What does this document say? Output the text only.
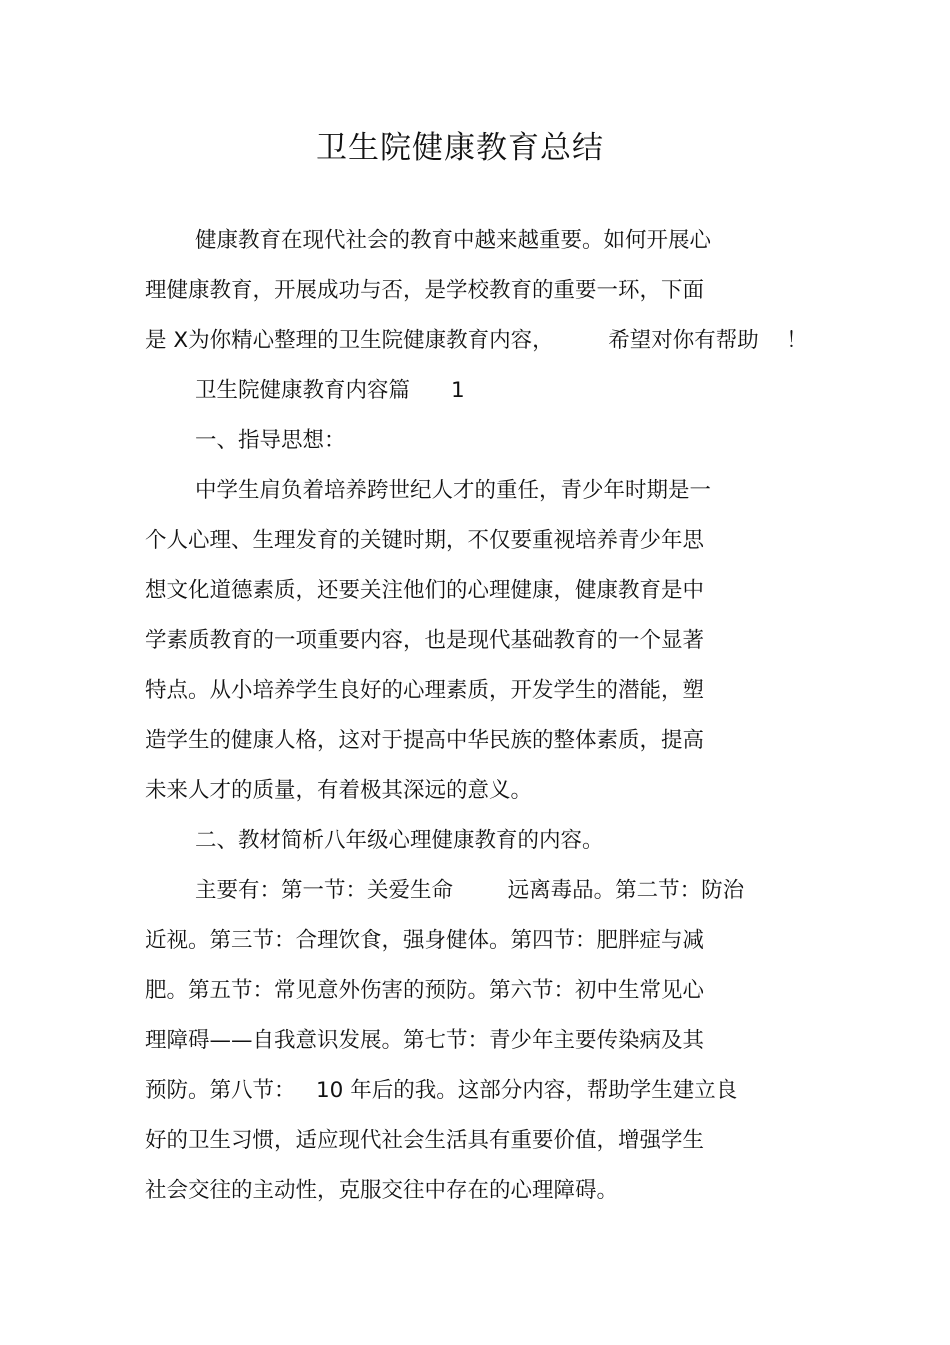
卫生院健康教育总结
健康教育在现代社会的教育中越来越重要。如何开展心
理健康教育，开展成功与否，是学校教育的重要一环，下面
是 X为你精心整理的卫生院健康教育内容，        希望对你有帮助    ！
卫生院健康教育内容篇      1
一、指导思想：
中学生肩负着培养跨世纪人才的重任，青少年时期是一
个人心理、生理发育的关键时期，不仅要重视培养青少年思
想文化道德素质，还要关注他们的心理健康，健康教育是中
学素质教育的一项重要内容，也是现代基础教育的一个显著
特点。从小培养学生良好的心理素质，开发学生的潜能，塑
造学生的健康人格，这对于提高中华民族的整体素质，提高
未来人才的质量，有着极其深远的意义。
二、教材简析八年级心理健康教育的内容。
主要有：第一节：关爱生命        远离毒品。第二节：防治
近视。第三节：合理饮食，强身健体。第四节：肥胖症与减
肥。第五节：常见意外伤害的预防。第六节：初中生常见心
理障碍——自我意识发展。第七节：青少年主要传染病及其
预防。第八节：   10 年后的我。这部分内容，帮助学生建立良
好的卫生习惯，适应现代社会生活具有重要价值，增强学生
社会交往的主动性，克服交往中存在的心理障碍。
